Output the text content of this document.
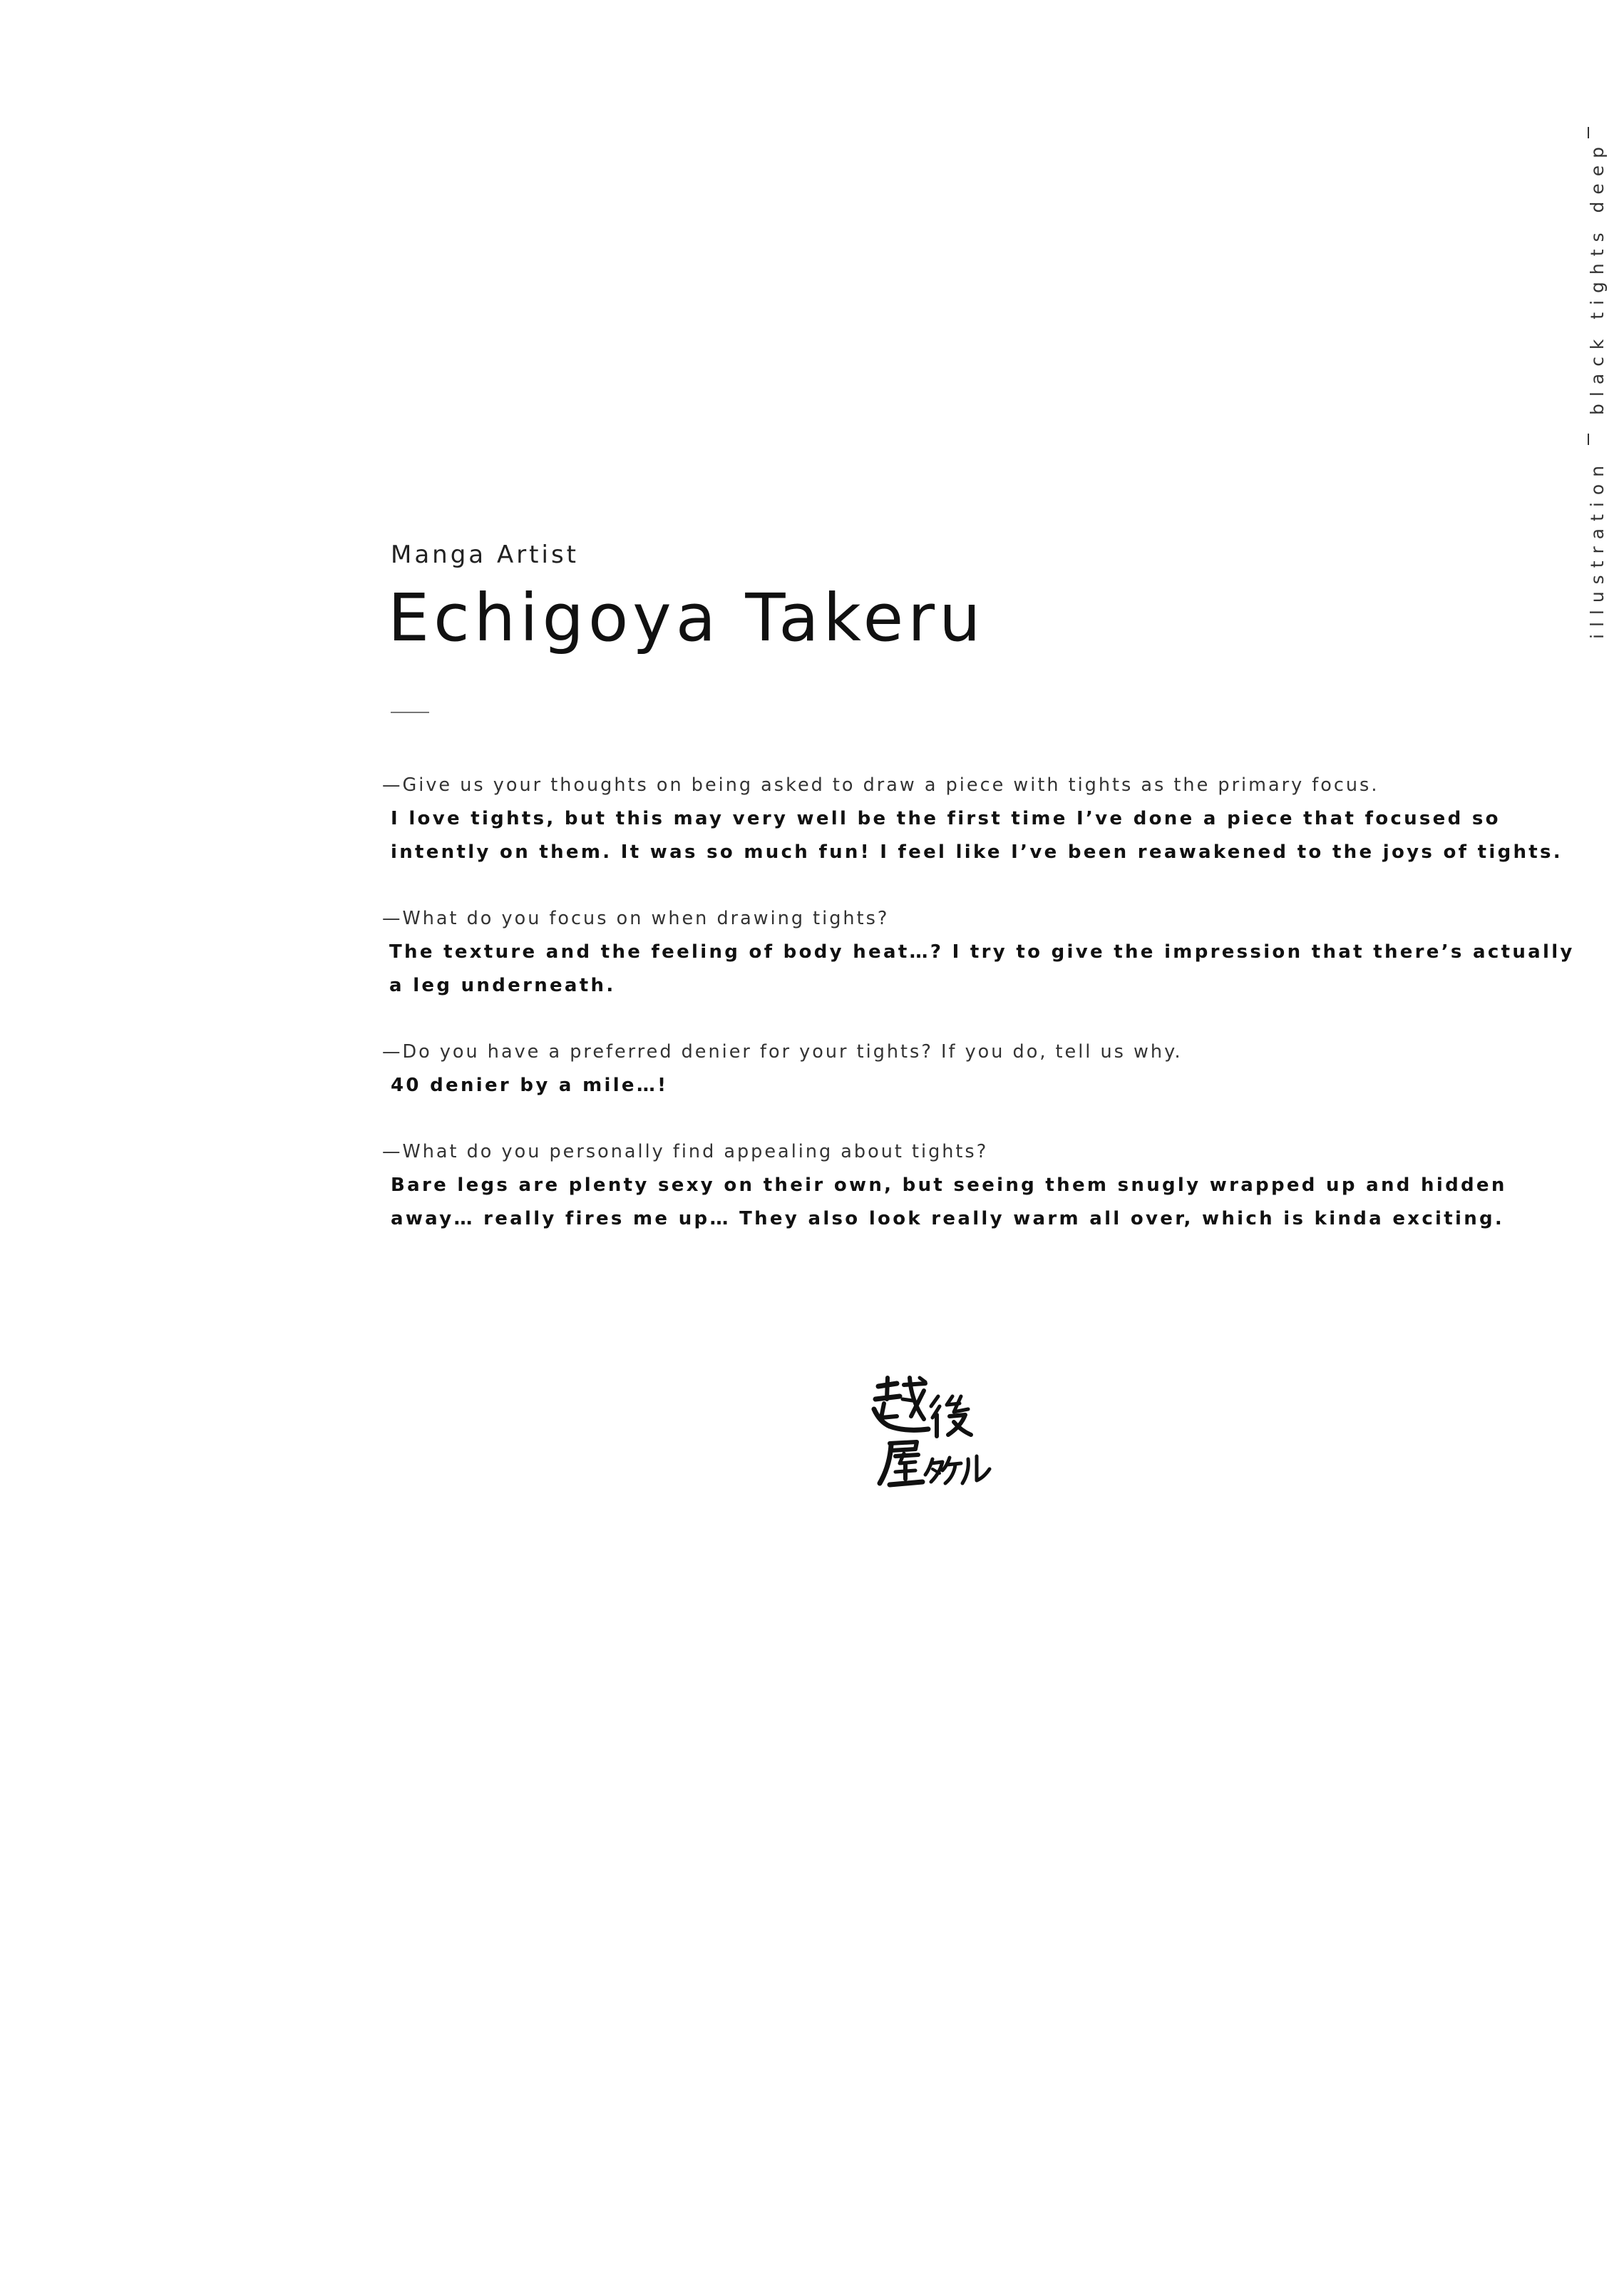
black tights deep
illustration
Manga Artist
Echigoya Takeru
—Give us your thoughts on being asked to draw a piece with tights as the primary focus.
I love tights, but this may very well be the first time I’ve done a piece that focused so
intently on them. It was so much fun! I feel like I’ve been reawakened to the joys of tights.
—What do you focus on when drawing tights?
The texture and the feeling of body heat…? I try to give the impression that there’s actually
a leg underneath.
—Do you have a preferred denier for your tights? If you do, tell us why.
40 denier by a mile…!
—What do you personally find appealing about tights?
Bare legs are plenty sexy on their own, but seeing them snugly wrapped up and hidden
away… really fires me up… They also look really warm all over, which is kinda exciting.
